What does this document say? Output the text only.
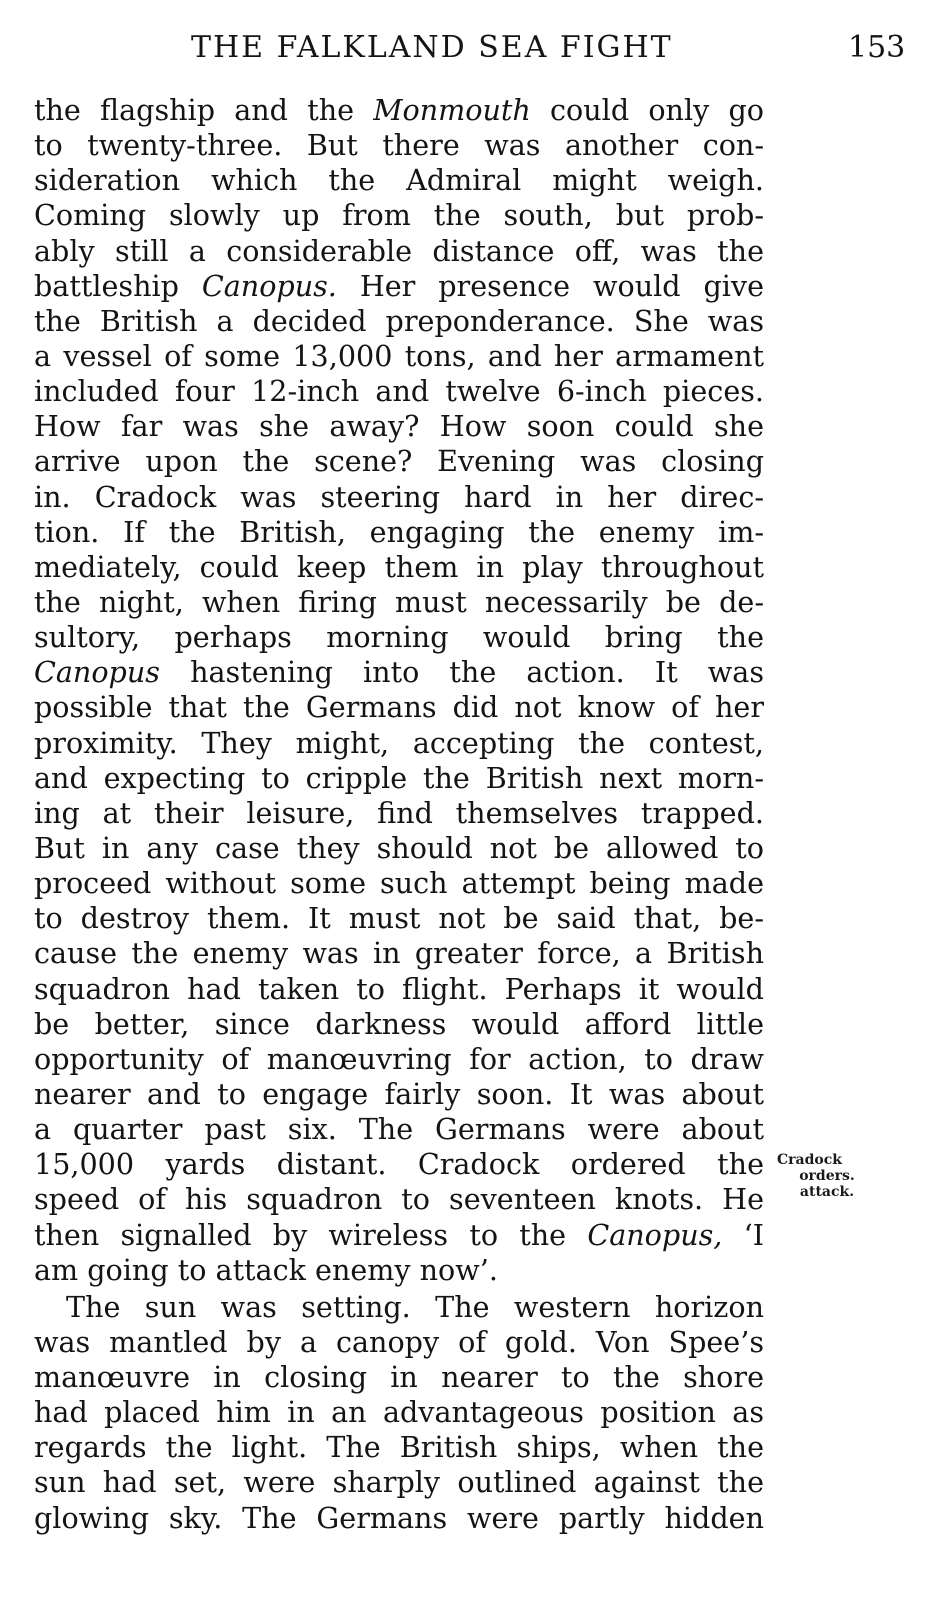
THE FALKLAND SEA FIGHT	153
the flagship and the Monmouth could only go
to twenty-three. But there was another con-
sideration which the Admiral might weigh.
Coming slowly up from the south, but prob-
ably still a considerable distance off, was the
battleship Canopus. Her presence would give
the British a decided preponderance. She was
a vessel of some 13,000 tons, and her armament
included four 12-inch and twelve 6-inch pieces.
How far was she away? How soon could she
arrive upon the scene? Evening was closing
in. Cradock was steering hard in her direc-
tion. If the British, engaging the enemy im-
mediately, could keep them in play throughout
the night, when firing must necessarily be de-
sultory, perhaps morning would bring the
Canopus hastening into the action. It was
possible that the Germans did not know of her
proximity. They might, accepting the contest,
and expecting to cripple the British next morn-
ing at their leisure, find themselves trapped.
But in any case they should not be allowed to
proceed without some such attempt being made
to destroy them. It must not be said that, be-
cause the enemy was in greater force, a British
squadron had taken to flight. Perhaps it would
be better, since darkness would afford little
opportunity of manœuvring for action, to draw
nearer and to engage fairly soon. It was about
a quarter past six. The Germans were about
15,000 yards distant. Cradock ordered the
speed of his squadron to seventeen knots. He
then signalled by wireless to the Canopus, ‘I
am going to attack enemy now’.
The sun was setting. The western horizon
was mantled by a canopy of gold. Von Spee’s
manœuvre in closing in nearer to the shore
had placed him in an advantageous position as
regards the light. The British ships, when the
sun had set, were sharply outlined against the
glowing sky. The Germans were partly hidden
Cradock
orders.
attack.
